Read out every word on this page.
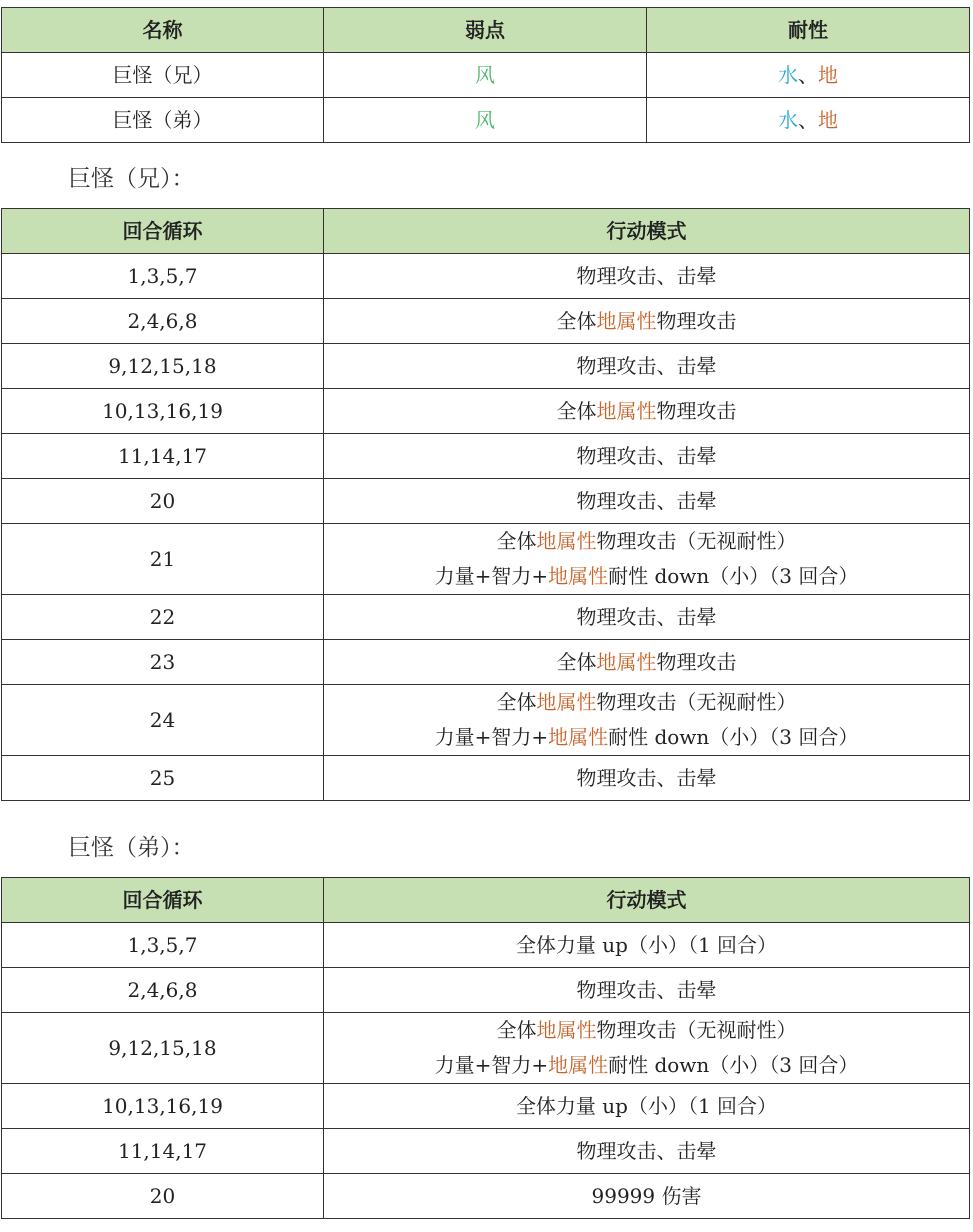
名称	弱点	耐性
巨怪（兄）	风	水、地
巨怪（弟）	风	水、地
巨怪（兄）：
回合循环	行动模式
1,3,5,7	物理攻击、击晕

2,4,6,8	全体地属性物理攻击

9,12,15,18	物理攻击、击晕

10,13,16,19	全体地属性物理攻击

11,14,17	物理攻击、击晕

20	物理攻击、击晕

21	全体地属性物理攻击（无视耐性）
力量+智力+地属性耐性 down（小）（3 回合）

22	物理攻击、击晕

23	全体地属性物理攻击

24	全体地属性物理攻击（无视耐性）
力量+智力+地属性耐性 down（小）（3 回合）

25	物理攻击、击晕
巨怪（弟）：
回合循环	行动模式
1,3,5,7	全体力量 up（小）（1 回合）

2,4,6,8	物理攻击、击晕

9,12,15,18	全体地属性物理攻击（无视耐性）
力量+智力+地属性耐性 down（小）（3 回合）

10,13,16,19	全体力量 up（小）（1 回合）

11,14,17	物理攻击、击晕

20	99999 伤害
